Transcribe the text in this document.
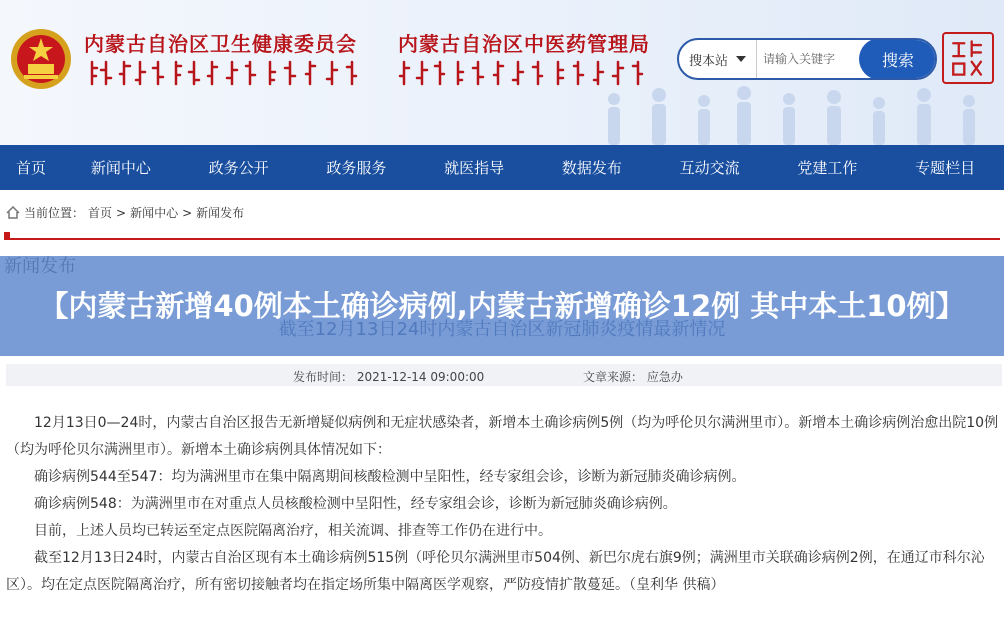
内蒙古自治区卫生健康委员会 内蒙古自治区中医药管理局
搜本站
请输入关键字	搜索
首页	新闻中心	政务公开	政务服务	就医指导	数据发布	互动交流	党建工作	专题栏目
当前位置： 首页 > 新闻中心 > 新闻发布
发布时间： 2021-12-14 09:00:00	文章来源： 应急办

12月13日0—24时，内蒙古自治区报告无新增疑似病例和无症状感染者，新增本土确诊病例5例（均为呼伦贝尔满洲里市）。新增本土确诊病例治愈出院10例（均为呼伦贝尔满洲里市）。新增本土确诊病例具体情况如下：

确诊病例544至547：均为满洲里市在集中隔离期间核酸检测中呈阳性，经专家组会诊，诊断为新冠肺炎确诊病例。

确诊病例548：为满洲里市在对重点人员核酸检测中呈阳性，经专家组会诊，诊断为新冠肺炎确诊病例。

目前，上述人员均已转运至定点医院隔离治疗，相关流调、排查等工作仍在进行中。

截至12月13日24时，内蒙古自治区现有本土确诊病例515例（呼伦贝尔满洲里市504例、新巴尔虎右旗9例；满洲里市关联确诊病例2例，在通辽市科尔沁区）。均在定点医院隔离治疗，所有密切接触者均在指定场所集中隔离医学观察，严防疫情扩散蔓延。（皇利华 供稿）

【内蒙古新增40例本土确诊病例,内蒙古新增确诊12例 其中本土10例】
